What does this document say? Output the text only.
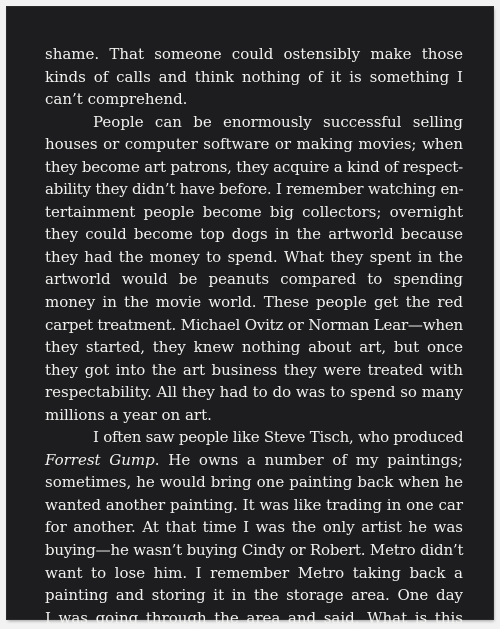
shame. That someone could ostensibly make those
kinds of calls and think nothing of it is something I
can’t comprehend.
People can be enormously successful selling
houses or computer software or making movies; when
they become art patrons, they acquire a kind of respect-
ability they didn’t have before. I remember watching en-
tertainment people become big collectors; overnight
they could become top dogs in the artworld because
they had the money to spend. What they spent in the
artworld would be peanuts compared to spending
money in the movie world. These people get the red
carpet treatment. Michael Ovitz or Norman Lear—when
they started, they knew nothing about art, but once
they got into the art business they were treated with
respectability. All they had to do was to spend so many
millions a year on art.
I often saw people like Steve Tisch, who produced
Forrest Gump. He owns a number of my paintings;
sometimes, he would bring one painting back when he
wanted another painting. It was like trading in one car
for another. At that time I was the only artist he was
buying—he wasn’t buying Cindy or Robert. Metro didn’t
want to lose him. I remember Metro taking back a
painting and storing it in the storage area. One day
I was going through the area and said, What is this
